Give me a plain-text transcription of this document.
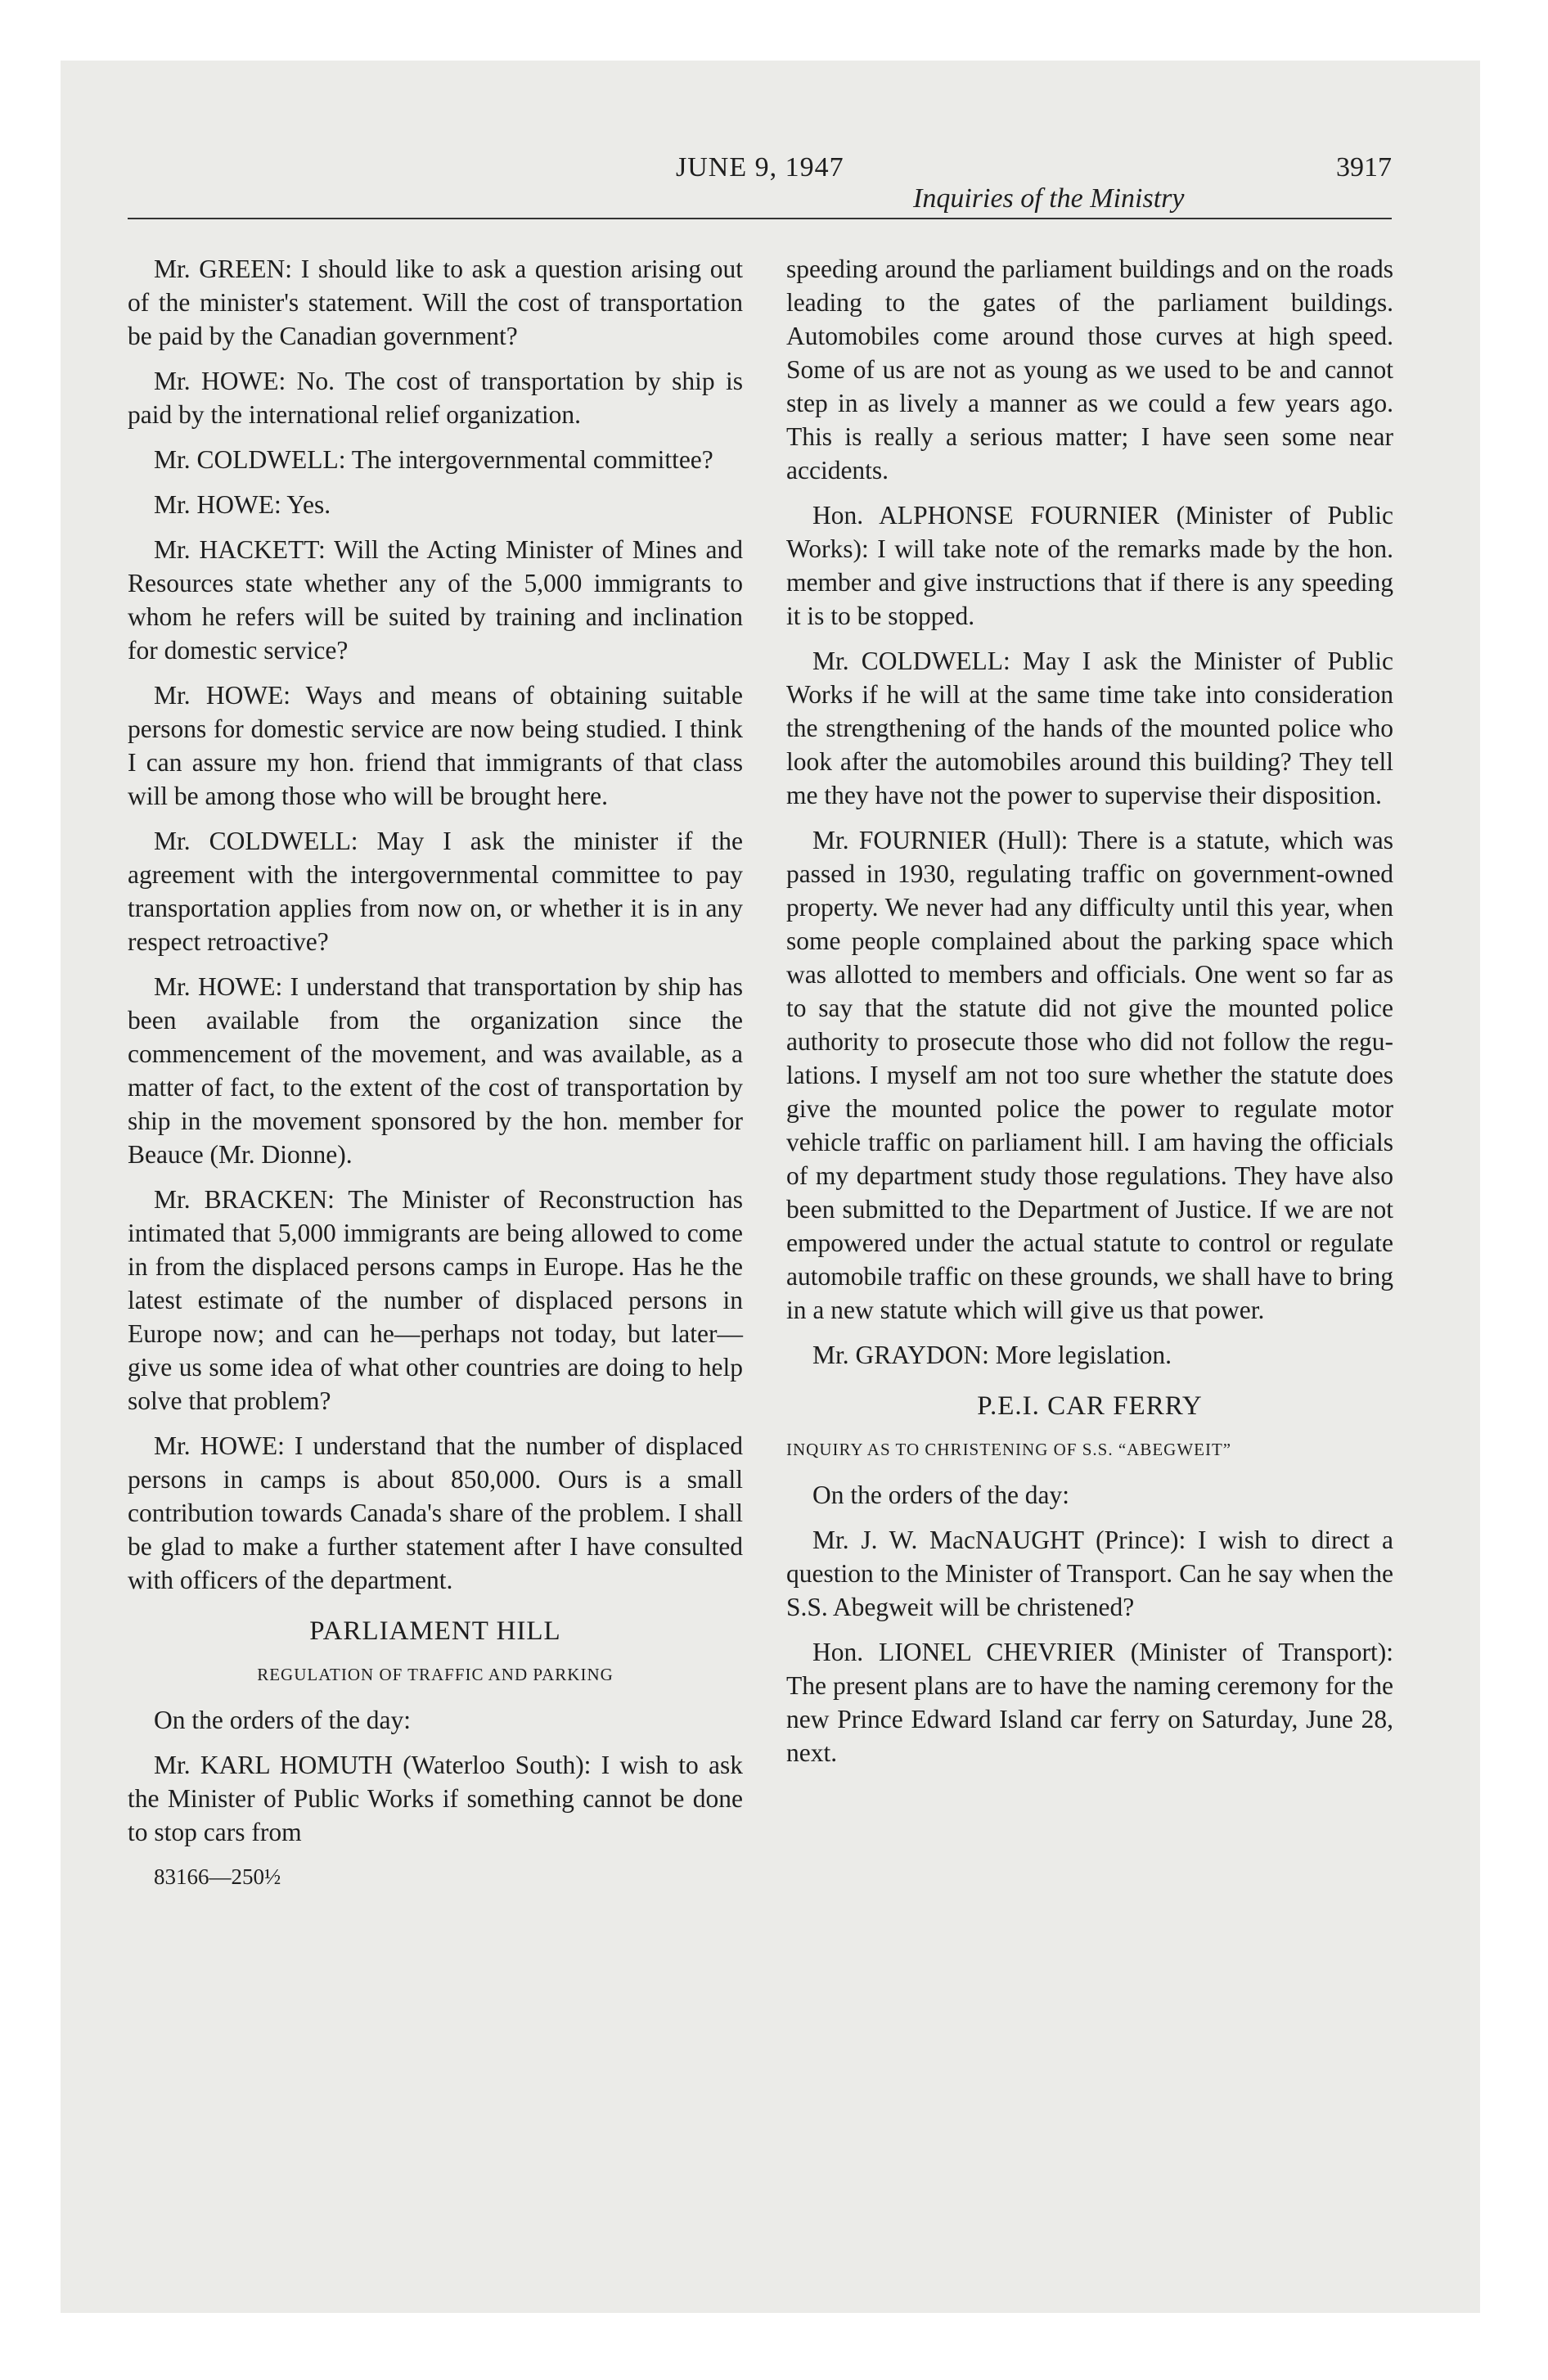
JUNE 9, 1947
Inquiries of the Ministry
3917

Mr. GREEN: I should like to ask a question arising out of the minister's statement. Will the cost of transportation be paid by the Canadian government?

Mr. HOWE: No. The cost of transportation by ship is paid by the international relief organization.

Mr. COLDWELL: The intergovernmental committee?

Mr. HOWE: Yes.

Mr. HACKETT: Will the Acting Minister of Mines and Resources state whether any of the 5,000 immigrants to whom he refers will be suited by training and inclination for domestic service?

Mr. HOWE: Ways and means of obtaining suitable persons for domestic service are now being studied. I think I can assure my hon. friend that immigrants of that class will be among those who will be brought here.

Mr. COLDWELL: May I ask the minister if the agreement with the intergovernmental committee to pay transportation applies from now on, or whether it is in any respect retroactive?

Mr. HOWE: I understand that transportation by ship has been available from the organization since the commencement of the movement, and was available, as a matter of fact, to the extent of the cost of transportation by ship in the movement sponsored by the hon. member for Beauce (Mr. Dionne).

Mr. BRACKEN: The Minister of Reconstruction has intimated that 5,000 immigrants are being allowed to come in from the displaced persons camps in Europe. Has he the latest estimate of the number of displaced persons in Europe now; and can he—perhaps not today, but later—give us some idea of what other countries are doing to help solve that problem?

Mr. HOWE: I understand that the number of displaced persons in camps is about 850,000. Ours is a small contribution towards Canada's share of the problem. I shall be glad to make a further statement after I have consulted with officers of the department.

PARLIAMENT HILL
REGULATION OF TRAFFIC AND PARKING

On the orders of the day:

Mr. KARL HOMUTH (Waterloo South): I wish to ask the Minister of Public Works if something cannot be done to stop cars from

83166—250½

speeding around the parliament buildings and on the roads leading to the gates of the parliament buildings. Automobiles come around those curves at high speed. Some of us are not as young as we used to be and cannot step in as lively a manner as we could a few years ago. This is really a serious matter; I have seen some near accidents.

Hon. ALPHONSE FOURNIER (Minister of Public Works): I will take note of the remarks made by the hon. member and give instructions that if there is any speeding it is to be stopped.

Mr. COLDWELL: May I ask the Minister of Public Works if he will at the same time take into consideration the strengthening of the hands of the mounted police who look after the automobiles around this building? They tell me they have not the power to supervise their disposition.

Mr. FOURNIER (Hull): There is a statute, which was passed in 1930, regulating traffic on government-owned property. We never had any difficulty until this year, when some people complained about the parking space which was allotted to members and officials. One went so far as to say that the statute did not give the mounted police authority to prosecute those who did not follow the regulations. I myself am not too sure whether the statute does give the mounted police the power to regulate motor vehicle traffic on parliament hill. I am having the officials of my department study those regulations. They have also been submitted to the Department of Justice. If we are not empowered under the actual statute to control or regulate automobile traffic on these grounds, we shall have to bring in a new statute which will give us that power.

Mr. GRAYDON: More legislation.

P.E.I. CAR FERRY
INQUIRY AS TO CHRISTENING OF S.S. “ABEGWEIT”

On the orders of the day:

Mr. J. W. MacNAUGHT (Prince): I wish to direct a question to the Minister of Transport. Can he say when the S.S. Abegweit will be christened?

Hon. LIONEL CHEVRIER (Minister of Transport): The present plans are to have the naming ceremony for the new Prince Edward Island car ferry on Saturday, June 28, next.
